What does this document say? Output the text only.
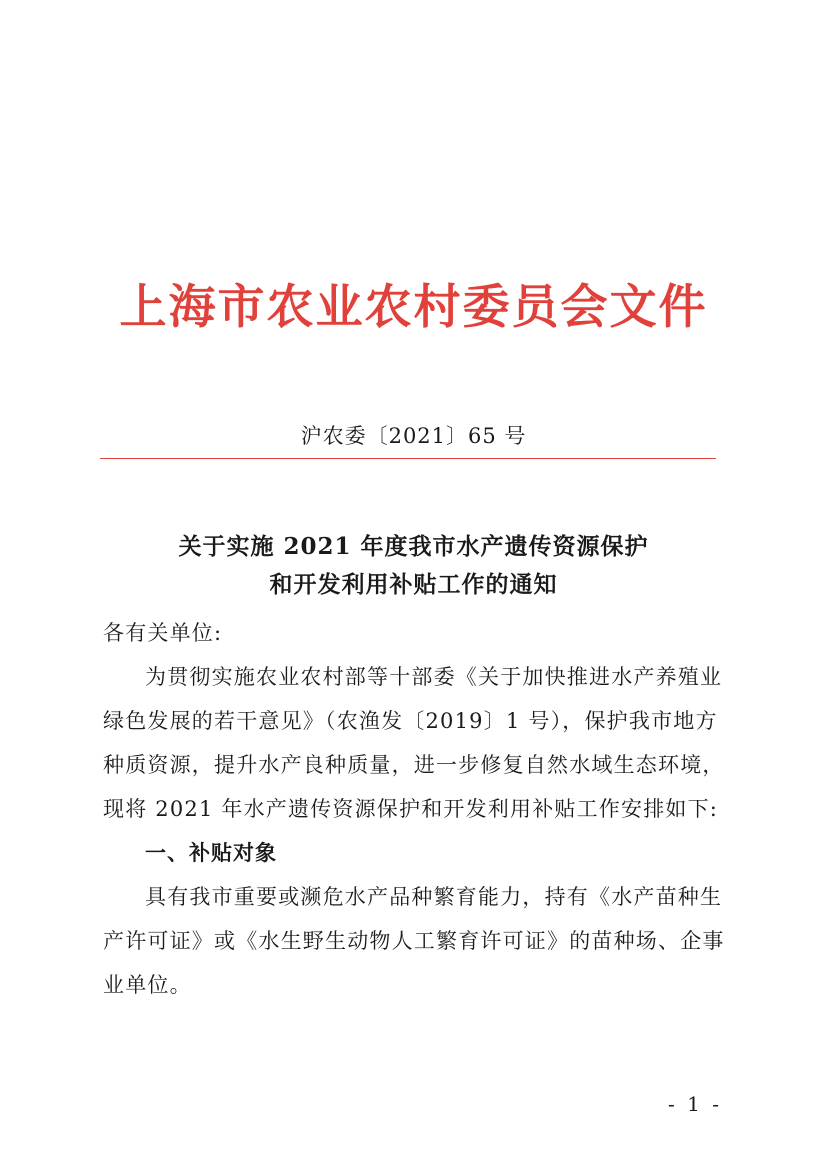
上海市农业农村委员会文件
沪农委〔2021〕65 号
关于实施 2021 年度我市水产遗传资源保护
和开发利用补贴工作的通知
各有关单位:
为贯彻实施农业农村部等十部委《关于加快推进水产养殖业
绿色发展的若干意见》（农渔发〔2019〕1 号），保护我市地方
种质资源，提升水产良种质量，进一步修复自然水域生态环境，
现将 2021 年水产遗传资源保护和开发利用补贴工作安排如下:
一、补贴对象
具有我市重要或濒危水产品种繁育能力，持有《水产苗种生
产许可证》或《水生野生动物人工繁育许可证》的苗种场、企事
业单位。
- 1 -
